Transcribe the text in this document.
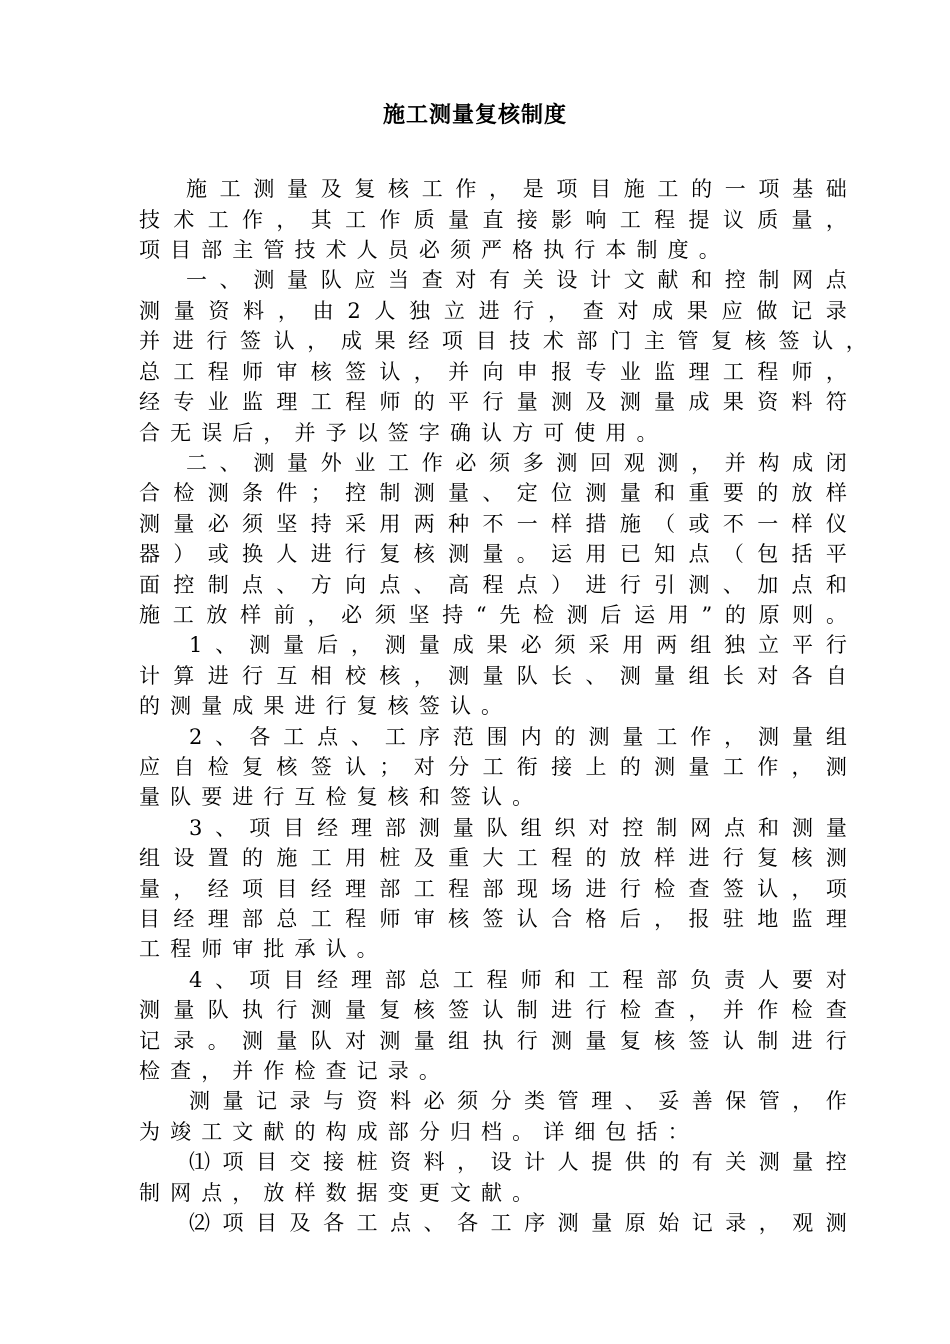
施工测量复核制度
施 工 测 量 及 复 核 工 作 ， 是 项 目 施 工 的 一 项 基 础
技 术 工 作 ， 其 工 作 质 量 直 接 影 响 工 程 提 议 质 量 ，
项 目 部 主 管 技 术 人 员 必 须 严 格 执 行 本 制 度 。
一 、 测 量 队 应 当 查 对 有 关 设 计 文 献 和 控 制 网 点
测 量 资 料 ， 由 2 人 独 立 进 行 ， 查 对 成 果 应 做 记 录
并 进 行 签 认 ， 成 果 经 项 目 技 术 部 门 主 管 复 核 签 认 ，
总 工 程 师 审 核 签 认 ， 并 向 申 报 专 业 监 理 工 程 师 ，
经 专 业 监 理 工 程 师 的 平 行 量 测 及 测 量 成 果 资 料 符
合 无 误 后 ， 并 予 以 签 字 确 认 方 可 使 用 。
二 、 测 量 外 业 工 作 必 须 多 测 回 观 测 ， 并 构 成 闭
合 检 测 条 件 ； 控 制 测 量 、 定 位 测 量 和 重 要 的 放 样
测 量 必 须 坚 持 采 用 两 种 不 一 样 措 施 （ 或 不 一 样 仪
器 ） 或 换 人 进 行 复 核 测 量 。 运 用 已 知 点 （ 包 括 平
面 控 制 点 、 方 向 点 、 高 程 点 ） 进 行 引 测 、 加 点 和
施 工 放 样 前 ， 必 须 坚 持 “ 先 检 测 后 运 用 ” 的 原 则 。
1 、 测 量 后 ， 测 量 成 果 必 须 采 用 两 组 独 立 平 行
计 算 进 行 互 相 校 核 ， 测 量 队 长 、 测 量 组 长 对 各 自
的 测 量 成 果 进 行 复 核 签 认 。
2 、 各 工 点 、 工 序 范 围 内 的 测 量 工 作 ， 测 量 组
应 自 检 复 核 签 认 ； 对 分 工 衔 接 上 的 测 量 工 作 ， 测
量 队 要 进 行 互 检 复 核 和 签 认 。
3 、 项 目 经 理 部 测 量 队 组 织 对 控 制 网 点 和 测 量
组 设 置 的 施 工 用 桩 及 重 大 工 程 的 放 样 进 行 复 核 测
量 ， 经 项 目 经 理 部 工 程 部 现 场 进 行 检 查 签 认 ， 项
目 经 理 部 总 工 程 师 审 核 签 认 合 格 后 ， 报 驻 地 监 理
工 程 师 审 批 承 认 。
4 、 项 目 经 理 部 总 工 程 师 和 工 程 部 负 责 人 要 对
测 量 队 执 行 测 量 复 核 签 认 制 进 行 检 查 ， 并 作 检 查
记 录 。 测 量 队 对 测 量 组 执 行 测 量 复 核 签 认 制 进 行
检 查 ， 并 作 检 查 记 录 。
测 量 记 录 与 资 料 必 须 分 类 管 理 、 妥 善 保 管 ， 作
为 竣 工 文 献 的 构 成 部 分 归 档 。 详 细 包 括 ：
⑴ 项 目 交 接 桩 资 料 ， 设 计 人 提 供 的 有 关 测 量 控
制 网 点 ， 放 样 数 据 变 更 文 献 。
⑵ 项 目 及 各 工 点 、 各 工 序 测 量 原 始 记 录 ， 观 测
